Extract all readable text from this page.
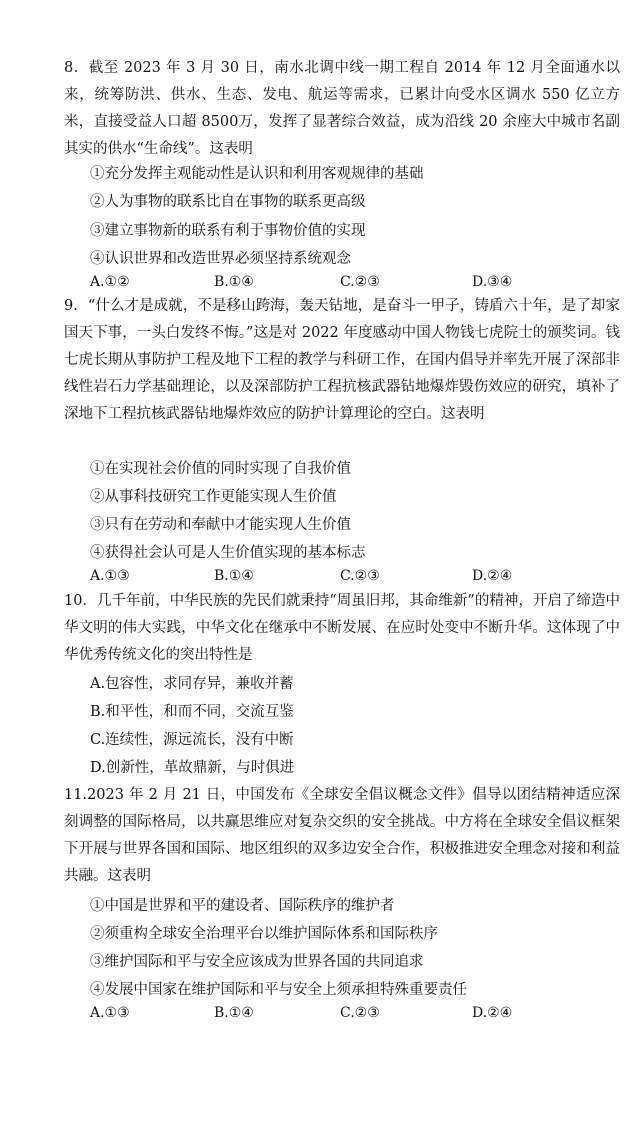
8．截至 2023 年 3 月 30 日，南水北调中线一期工程自 2014 年 12 月全面通水以来，统筹防洪、供水、生态、发电、航运等需求，已累计向受水区调水 550 亿立方米，直接受益人口超 8500万，发挥了显著综合效益，成为沿线 20 余座大中城市名副其实的供水“生命线”。这表明

①充分发挥主观能动性是认识和利用客观规律的基础

②人为事物的联系比自在事物的联系更高级

③建立事物新的联系有利于事物价值的实现

④认识世界和改造世界必须坚持系统观念

A.①②	B.①④	C.②③	D.③④

9．“什么才是成就，不是移山跨海，轰天钻地，是奋斗一甲子，铸盾六十年，是了却家国天下事，一头白发终不悔。”这是对 2022 年度感动中国人物钱七虎院士的颁奖词。钱七虎长期从事防护工程及地下工程的教学与科研工作，在国内倡导并率先开展了深部非线性岩石力学基础理论，以及深部防护工程抗核武器钻地爆炸毁伤效应的研究，填补了深地下工程抗核武器钻地爆炸效应的防护计算理论的空白。这表明

①在实现社会价值的同时实现了自我价值

②从事科技研究工作更能实现人生价值

③只有在劳动和奉献中才能实现人生价值

④获得社会认可是人生价值实现的基本标志

A.①③	B.①④	C.②③	D.②④

10．几千年前，中华民族的先民们就秉持“周虽旧邦，其命维新”的精神，开启了缔造中华文明的伟大实践，中华文化在继承中不断发展、在应时处变中不断升华。这体现了中华优秀传统文化的突出特性是

A.包容性，求同存异，兼收并蓄

B.和平性，和而不同，交流互鉴

C.连续性，源远流长，没有中断

D.创新性，革故鼎新，与时俱进

11.2023 年 2 月 21 日，中国发布《全球安全倡议概念文件》倡导以团结精神适应深刻调整的国际格局，以共赢思维应对复杂交织的安全挑战。中方将在全球安全倡议框架下开展与世界各国和国际、地区组织的双多边安全合作，积极推进安全理念对接和利益共融。这表明

①中国是世界和平的建设者、国际秩序的维护者

②须重构全球安全治理平台以维护国际体系和国际秩序

③维护国际和平与安全应该成为世界各国的共同追求

④发展中国家在维护国际和平与安全上须承担特殊重要责任

A.①③	B.①④	C.②③	D.②④
